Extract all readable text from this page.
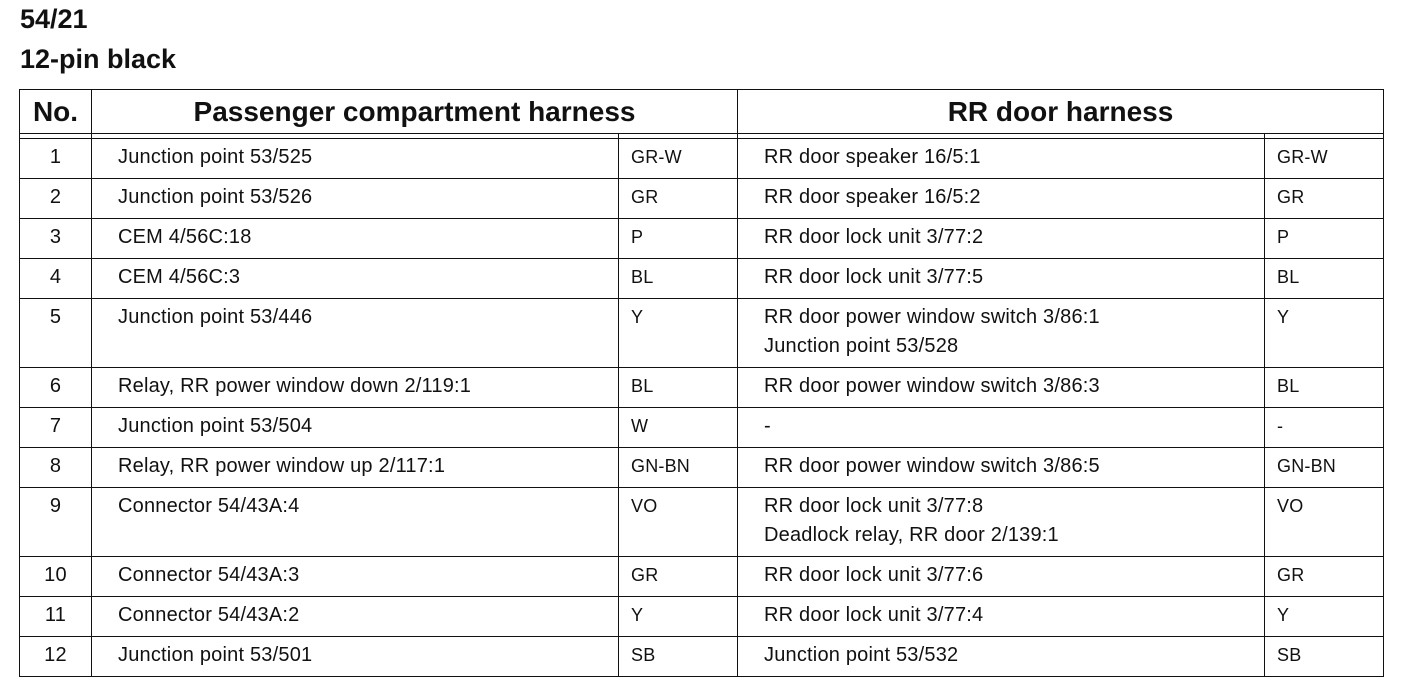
54/21
12-pin black
No.	Passenger compartment harness		RR door harness	

1	Junction point 53/525	GR-W	RR door speaker 16/5:1	GR-W
2	Junction point 53/526	GR	RR door speaker 16/5:2	GR
3	CEM 4/56C:18	P	RR door lock unit 3/77:2	P
4	CEM 4/56C:3	BL	RR door lock unit 3/77:5	BL
5	Junction point 53/446	Y	RR door power window switch 3/86:1
Junction point 53/528	Y
6	Relay, RR power window down 2/119:1	BL	RR door power window switch 3/86:3	BL
7	Junction point 53/504	W	-	-
8	Relay, RR power window up 2/117:1	GN-BN	RR door power window switch 3/86:5	GN-BN
9	Connector 54/43A:4	VO	RR door lock unit 3/77:8
Deadlock relay, RR door 2/139:1	VO
10	Connector 54/43A:3	GR	RR door lock unit 3/77:6	GR
11	Connector 54/43A:2	Y	RR door lock unit 3/77:4	Y
12	Junction point 53/501	SB	Junction point 53/532	SB
